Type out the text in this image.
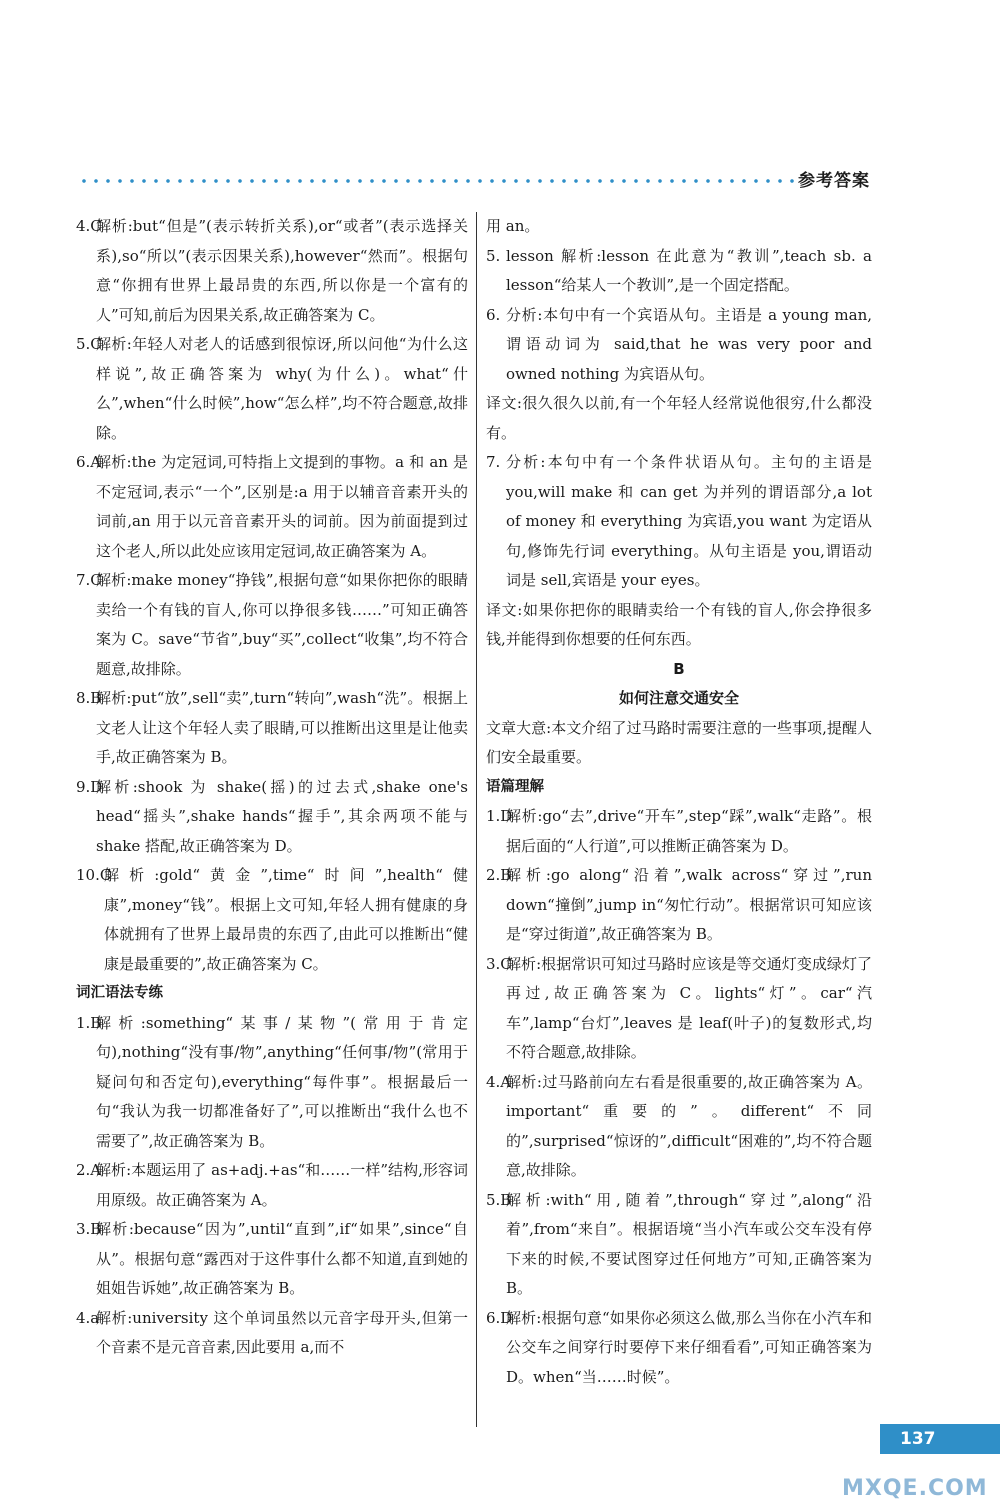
参考答案
4.C
解析:but“但是”(表示转折关系),or“或者”(表示选择关系),so“所以”(表示因果关系),however“然而”。根据句意“你拥有世界上最昂贵的东西,所以你是一个富有的人”可知,前后为因果关系,故正确答案为 C。
5.C
解析:年轻人对老人的话感到很惊讶,所以问他“为什么这样说”,故正确答案为 why(为什么)。what“什么”,when“什么时候”,how“怎么样”,均不符合题意,故排除。
6.A
解析:the 为定冠词,可特指上文提到的事物。a 和 an 是不定冠词,表示“一个”,区别是:a 用于以辅音音素开头的词前,an 用于以元音音素开头的词前。因为前面提到过这个老人,所以此处应该用定冠词,故正确答案为 A。
7.C
解析:make money“挣钱”,根据句意“如果你把你的眼睛卖给一个有钱的盲人,你可以挣很多钱……”可知正确答案为 C。save“节省”,buy“买”,collect“收集”,均不符合题意,故排除。
8.B
解析:put“放”,sell“卖”,turn“转向”,wash“洗”。根据上文老人让这个年轻人卖了眼睛,可以推断出这里是让他卖手,故正确答案为 B。
9.D
解析:shook 为 shake(摇)的过去式,shake one's head“摇头”,shake hands“握手”,其余两项不能与 shake 搭配,故正确答案为 D。
10.C
解析:gold“黄金”,time“时间”,health“健康”,money“钱”。根据上文可知,年轻人拥有健康的身体就拥有了世界上最昂贵的东西了,由此可以推断出“健康是最重要的”,故正确答案为 C。
词汇语法专练
1.B
解析:something“某事/某物”(常用于肯定句),nothing“没有事/物”,anything“任何事/物”(常用于疑问句和否定句),everything“每件事”。根据最后一句“我认为我一切都准备好了”,可以推断出“我什么也不需要了”,故正确答案为 B。
2.A
解析:本题运用了 as+adj.+as“和……一样”结构,形容词用原级。故正确答案为 A。
3.B
解析:because“因为”,until“直到”,if“如果”,since“自从”。根据句意“露西对于这件事什么都不知道,直到她的姐姐告诉她”,故正确答案为 B。
4.a
解析:university 这个单词虽然以元音字母开头,但第一个音素不是元音音素,因此要用 a,而不
用 an。
5. lesson 解析:lesson 在此意为“教训”,teach sb. a lesson“给某人一个教训”,是一个固定搭配。
6. 分析:本句中有一个宾语从句。主语是 a young man,谓语动词为 said,that he was very poor and owned nothing 为宾语从句。
译文:很久很久以前,有一个年轻人经常说他很穷,什么都没有。
7. 分析:本句中有一个条件状语从句。主句的主语是 you,will make 和 can get 为并列的谓语部分,a lot of money 和 everything 为宾语,you want 为定语从句,修饰先行词 everything。从句主语是 you,谓语动词是 sell,宾语是 your eyes。
译文:如果你把你的眼睛卖给一个有钱的盲人,你会挣很多钱,并能得到你想要的任何东西。
B
如何注意交通安全
文章大意:本文介绍了过马路时需要注意的一些事项,提醒人们安全最重要。
语篇理解
1.D
解析:go“去”,drive“开车”,step“踩”,walk“走路”。根据后面的“人行道”,可以推断正确答案为 D。
2.B
解析:go along“沿着”,walk across“穿过”,run down“撞倒”,jump in“匆忙行动”。根据常识可知应该是“穿过街道”,故正确答案为 B。
3.C
解析:根据常识可知过马路时应该是等交通灯变成绿灯了再过,故正确答案为 C。lights“灯”。car“汽车”,lamp“台灯”,leaves 是 leaf(叶子)的复数形式,均不符合题意,故排除。
4.A
解析:过马路前向左右看是很重要的,故正确答案为 A。important“重要的”。different“不同的”,surprised“惊讶的”,difficult“困难的”,均不符合题意,故排除。
5.B
解析:with“用,随着”,through“穿过”,along“沿着”,from“来自”。根据语境“当小汽车或公交车没有停下来的时候,不要试图穿过任何地方”可知,正确答案为 B。
6.D
解析:根据句意“如果你必须这么做,那么当你在小汽车和公交车之间穿行时要停下来仔细看看”,可知正确答案为 D。when“当……时候”。
137
MXQE.COM
